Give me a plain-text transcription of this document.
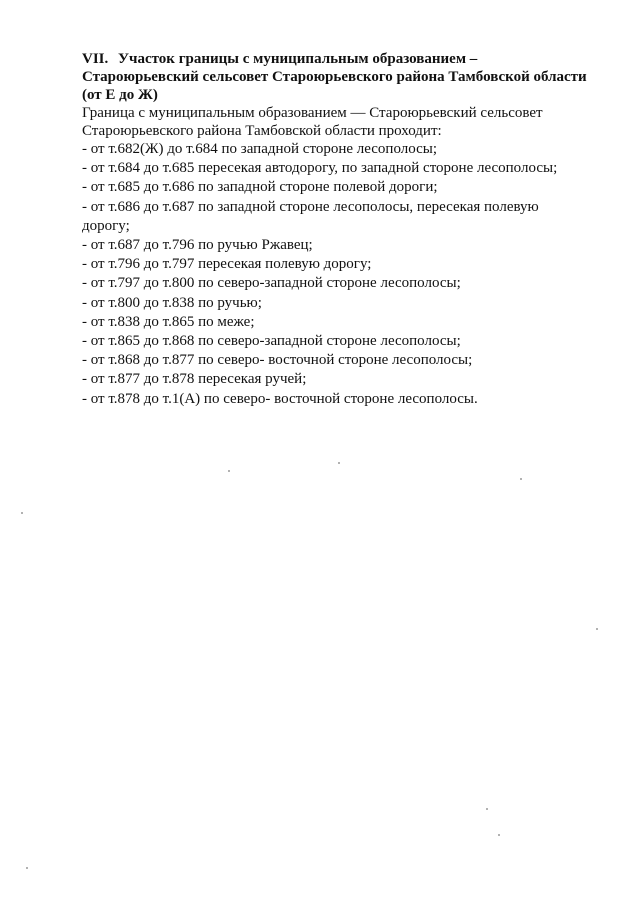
VII. Участок границы с муниципальным образованием –

Староюрьевский сельсовет Староюрьевского района Тамбовской области

(от Е до Ж)

Граница с муниципальным образованием — Староюрьевский сельсовет

Староюрьевского района Тамбовской области проходит:

- от т.682(Ж) до т.684 по западной стороне лесополосы;
- от т.684 до т.685 пересекая автодорогу, по западной стороне лесополосы;
- от т.685 до т.686 по западной стороне полевой дороги;
- от т.686 до т.687 по западной стороне лесополосы, пересекая полевую дорогу;
- от т.687 до т.796 по ручью Ржавец;
- от т.796 до т.797 пересекая полевую дорогу;
- от т.797 до т.800 по северо-западной стороне лесополосы;
- от т.800 до т.838 по ручью;
- от т.838 до т.865 по меже;
- от т.865 до т.868 по северо-западной стороне лесополосы;
- от т.868 до т.877 по северо- восточной стороне лесополосы;
- от т.877 до т.878 пересекая ручей;
- от т.878 до т.1(А) по северо- восточной стороне лесополосы.
